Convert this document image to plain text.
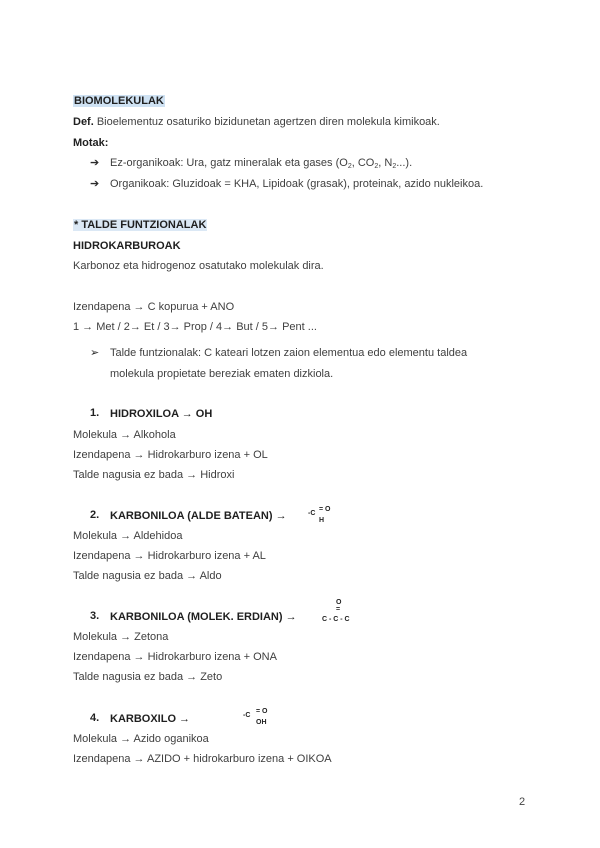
BIOMOLEKULAK
Def. Bioelementuz osaturiko bizidunetan agertzen diren molekula kimikoak.
Motak:
➔ Ez-organikoak: Ura, gatz mineralak eta gases ($O_2$, $CO_2$, $N_2$...).
➔ Organikoak: Gluzidoak = KHA, Lipidoak (grasak), proteinak, azido nukleikoa.
* TALDE FUNTZIONALAK
HIDROKARBUROAK
Karbonoz eta hidrogenoz osatutako molekulak dira.
Izendapena → C kopurua + ANO
1 → Met / 2→ Et / 3→ Prop / 4→ But / 5→ Pent ...
➢ Talde funtzionalak: C kateari lotzen zaion elementua edo elementu taldea
molekula propietate bereziak ematen dizkiola.
1. HIDROXILOA → OH
Molekula → Alkohola
Izendapena → Hidrokarburo izena + OL
Talde nagusia ez bada → Hidroxi
2. KARBONILOA (ALDE BATEAN) →	-C
= O
H
Molekula → Aldehidoa
Izendapena → Hidrokarburo izena + AL
Talde nagusia ez bada → Aldo
3. KARBONILOA (MOLEK. ERDIAN) →
O
=
C - C - C
Molekula → Zetona
Izendapena → Hidrokarburo izena + ONA
Talde nagusia ez bada → Zeto
4. KARBOXILO →	-C
= O
OH
Molekula → Azido oganikoa
Izendapena → AZIDO + hidrokarburo izena + OIKOA
2
